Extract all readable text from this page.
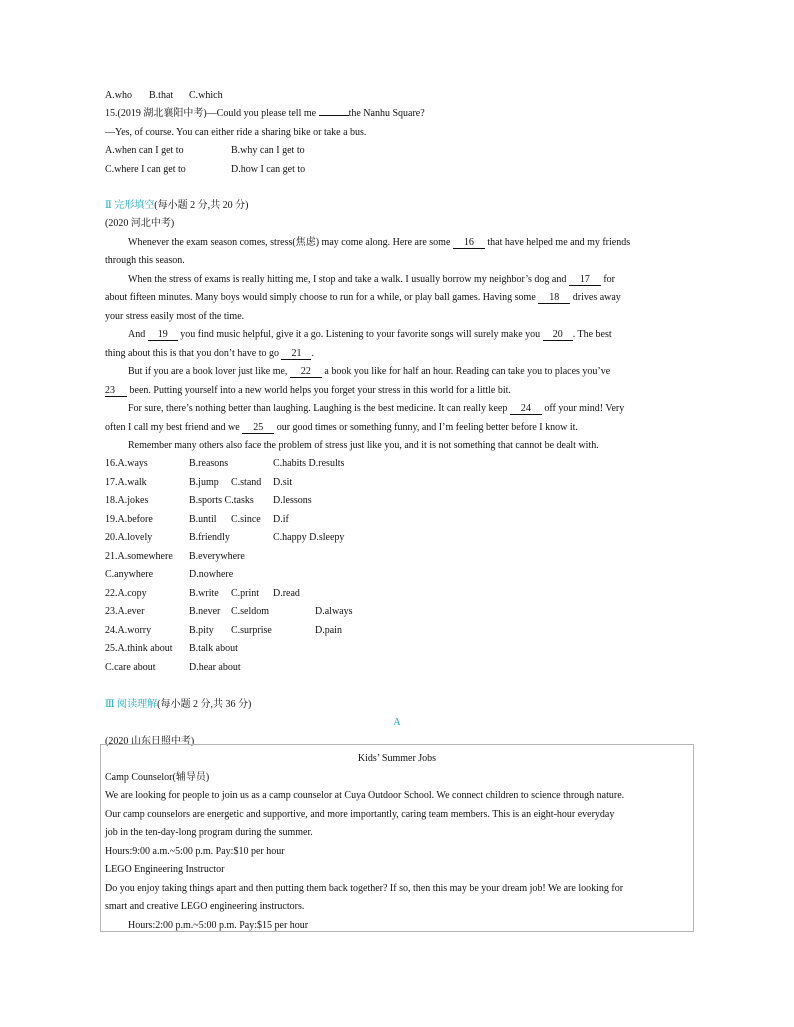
A.who B.that C.which
15.(2019 湖北襄阳中考)—Could you please tell me	the Nanhu Square?
—Yes, of course. You can either ride a sharing bike or take a bus.
A.when can I get to	B.why can I get to
C.where I can get to	D.how I can get to
Ⅱ 完形填空(每小题 2 分,共 20 分)
(2020 河北中考)
Whenever the exam season comes, stress(焦虑) may come along. Here are some 16 that have helped me and my friends
through this season.
When the stress of exams is really hitting me, I stop and take a walk. I usually borrow my neighbor’s dog and 17 for
about fifteen minutes. Many boys would simply choose to run for a while, or play ball games. Having some 18 drives away
your stress easily most of the time.
And 19 you find music helpful, give it a go. Listening to your favorite songs will surely make you 20 . The best
thing about this is that you don’t have to go 21 .
But if you are a book lover just like me, 22 a book you like for half an hour. Reading can take you to places you’ve
23 been. Putting yourself into a new world helps you forget your stress in this world for a little bit.
For sure, there’s nothing better than laughing. Laughing is the best medicine. It can really keep 24 off your mind! Very
often I call my best friend and we 25 our good times or something funny, and I’m feeling better before I know it.
Remember many others also face the problem of stress just like you, and it is not something that cannot be dealt with.
16.A.ways	B.reasons	C.habits D.results
17.A.walk	B.jump C.stand D.sit
18.A.jokes	B.sports C.tasks D.lessons
19.A.before	B.until C.since D.if
20.A.lovely	B.friendly	C.happy D.sleepy
21.A.somewhere B.everywhere
C.anywhere	D.nowhere
22.A.copy	B.write C.print D.read
23.A.ever	B.never C.seldom	D.always
24.A.worry	B.pity C.surprise	D.pain
25.A.think about B.talk about
C.care about	D.hear about
Ⅲ 阅读理解(每小题 2 分,共 36 分)
A
(2020 山东日照中考)
Kids’ Summer Jobs
Camp Counselor(辅导员)
We are looking for people to join us as a camp counselor at Cuya Outdoor School. We connect children to science through nature.
Our camp counselors are energetic and supportive, and more importantly, caring team members. This is an eight-hour everyday
job in the ten-day-long program during the summer.
Hours:9:00 a.m.~5:00 p.m. Pay:$10 per hour
LEGO Engineering Instructor
Do you enjoy taking things apart and then putting them back together? If so, then this may be your dream job! We are looking for
smart and creative LEGO engineering instructors.
Hours:2:00 p.m.~5:00 p.m. Pay:$15 per hour
